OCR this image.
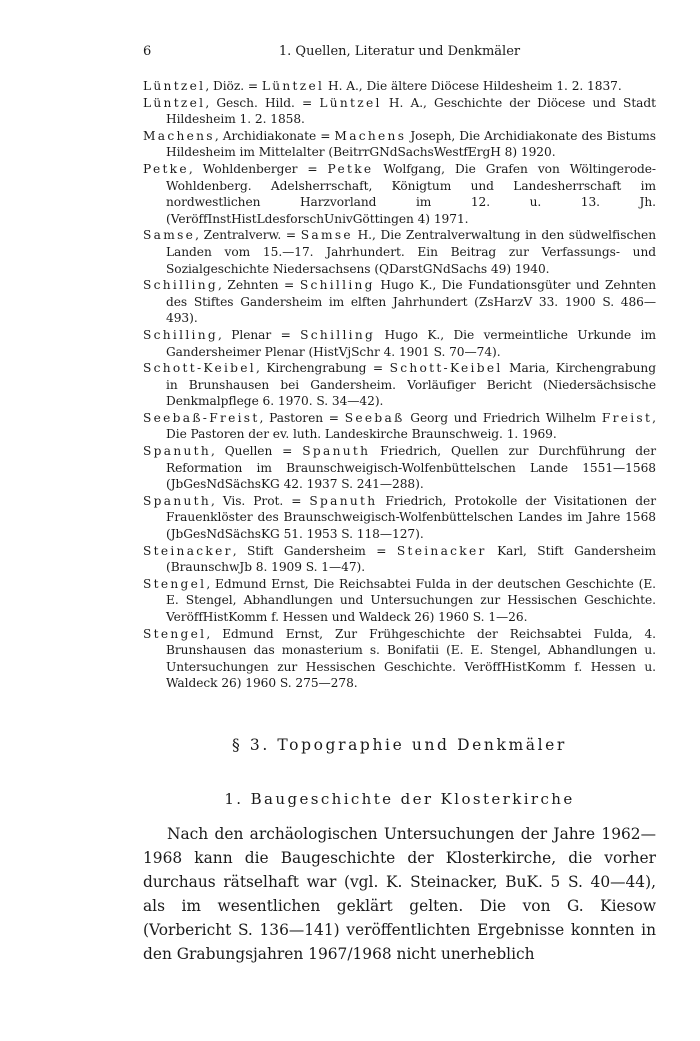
6	1. Quellen, Literatur und Denkmäler
Lüntzel, Diöz. = Lüntzel H. A., Die ältere Diöcese Hildesheim 1. 2. 1837.
Lüntzel, Gesch. Hild. = Lüntzel H. A., Geschichte der Diöcese und Stadt Hildesheim 1. 2. 1858.
Machens, Archidiakonate = Machens Joseph, Die Archidiakonate des Bistums Hildesheim im Mittelalter (BeitrrGNdSachsWestfErgH 8) 1920.
Petke, Wohldenberger = Petke Wolfgang, Die Grafen von Wöltingerode-Wohldenberg. Adelsherrschaft, Königtum und Landesherrschaft im nordwestlichen Harzvorland im 12. u. 13. Jh. (VeröffInstHistLdesforschUnivGöttingen 4) 1971.
Samse, Zentralverw. = Samse H., Die Zentralverwaltung in den südwelfischen Landen vom 15.—17. Jahrhundert. Ein Beitrag zur Verfassungs- und Sozialgeschichte Niedersachsens (QDarstGNdSachs 49) 1940.
Schilling, Zehnten = Schilling Hugo K., Die Fundationsgüter und Zehnten des Stiftes Gandersheim im elften Jahrhundert (ZsHarzV 33. 1900 S. 486—493).
Schilling, Plenar = Schilling Hugo K., Die vermeintliche Urkunde im Gandersheimer Plenar (HistVjSchr 4. 1901 S. 70—74).
Schott-Keibel, Kirchengrabung = Schott-Keibel Maria, Kirchengrabung in Brunshausen bei Gandersheim. Vorläufiger Bericht (Niedersächsische Denkmalpflege 6. 1970. S. 34—42).
Seebaß-Freist, Pastoren = Seebaß Georg und Friedrich Wilhelm Freist, Die Pastoren der ev. luth. Landeskirche Braunschweig. 1. 1969.
Spanuth, Quellen = Spanuth Friedrich, Quellen zur Durchführung der Reformation im Braunschweigisch-Wolfenbüttelschen Lande 1551—1568 (JbGesNdSächsKG 42. 1937 S. 241—288).
Spanuth, Vis. Prot. = Spanuth Friedrich, Protokolle der Visitationen der Frauenklöster des Braunschweigisch-Wolfenbüttelschen Landes im Jahre 1568 (JbGesNdSächsKG 51. 1953 S. 118—127).
Steinacker, Stift Gandersheim = Steinacker Karl, Stift Gandersheim (BraunschwJb 8. 1909 S. 1—47).
Stengel, Edmund Ernst, Die Reichsabtei Fulda in der deutschen Geschichte (E. E. Stengel, Abhandlungen und Untersuchungen zur Hessischen Geschichte. VeröffHistKomm f. Hessen und Waldeck 26) 1960 S. 1—26.
Stengel, Edmund Ernst, Zur Frühgeschichte der Reichsabtei Fulda, 4. Brunshausen das monasterium s. Bonifatii (E. E. Stengel, Abhandlungen u. Untersuchungen zur Hessischen Geschichte. VeröffHistKomm f. Hessen u. Waldeck 26) 1960 S. 275—278.
§ 3. Topographie und Denkmäler
1. Baugeschichte der Klosterkirche

Nach den archäologischen Untersuchungen der Jahre 1962—1968 kann die Baugeschichte der Klosterkirche, die vorher durchaus rätselhaft war (vgl. K. Steinacker, BuK. 5 S. 40—44), als im wesentlichen geklärt gelten. Die von G. Kiesow (Vorbericht S. 136—141) veröffentlichten Ergebnisse konnten in den Grabungsjahren 1967/1968 nicht unerheblich
